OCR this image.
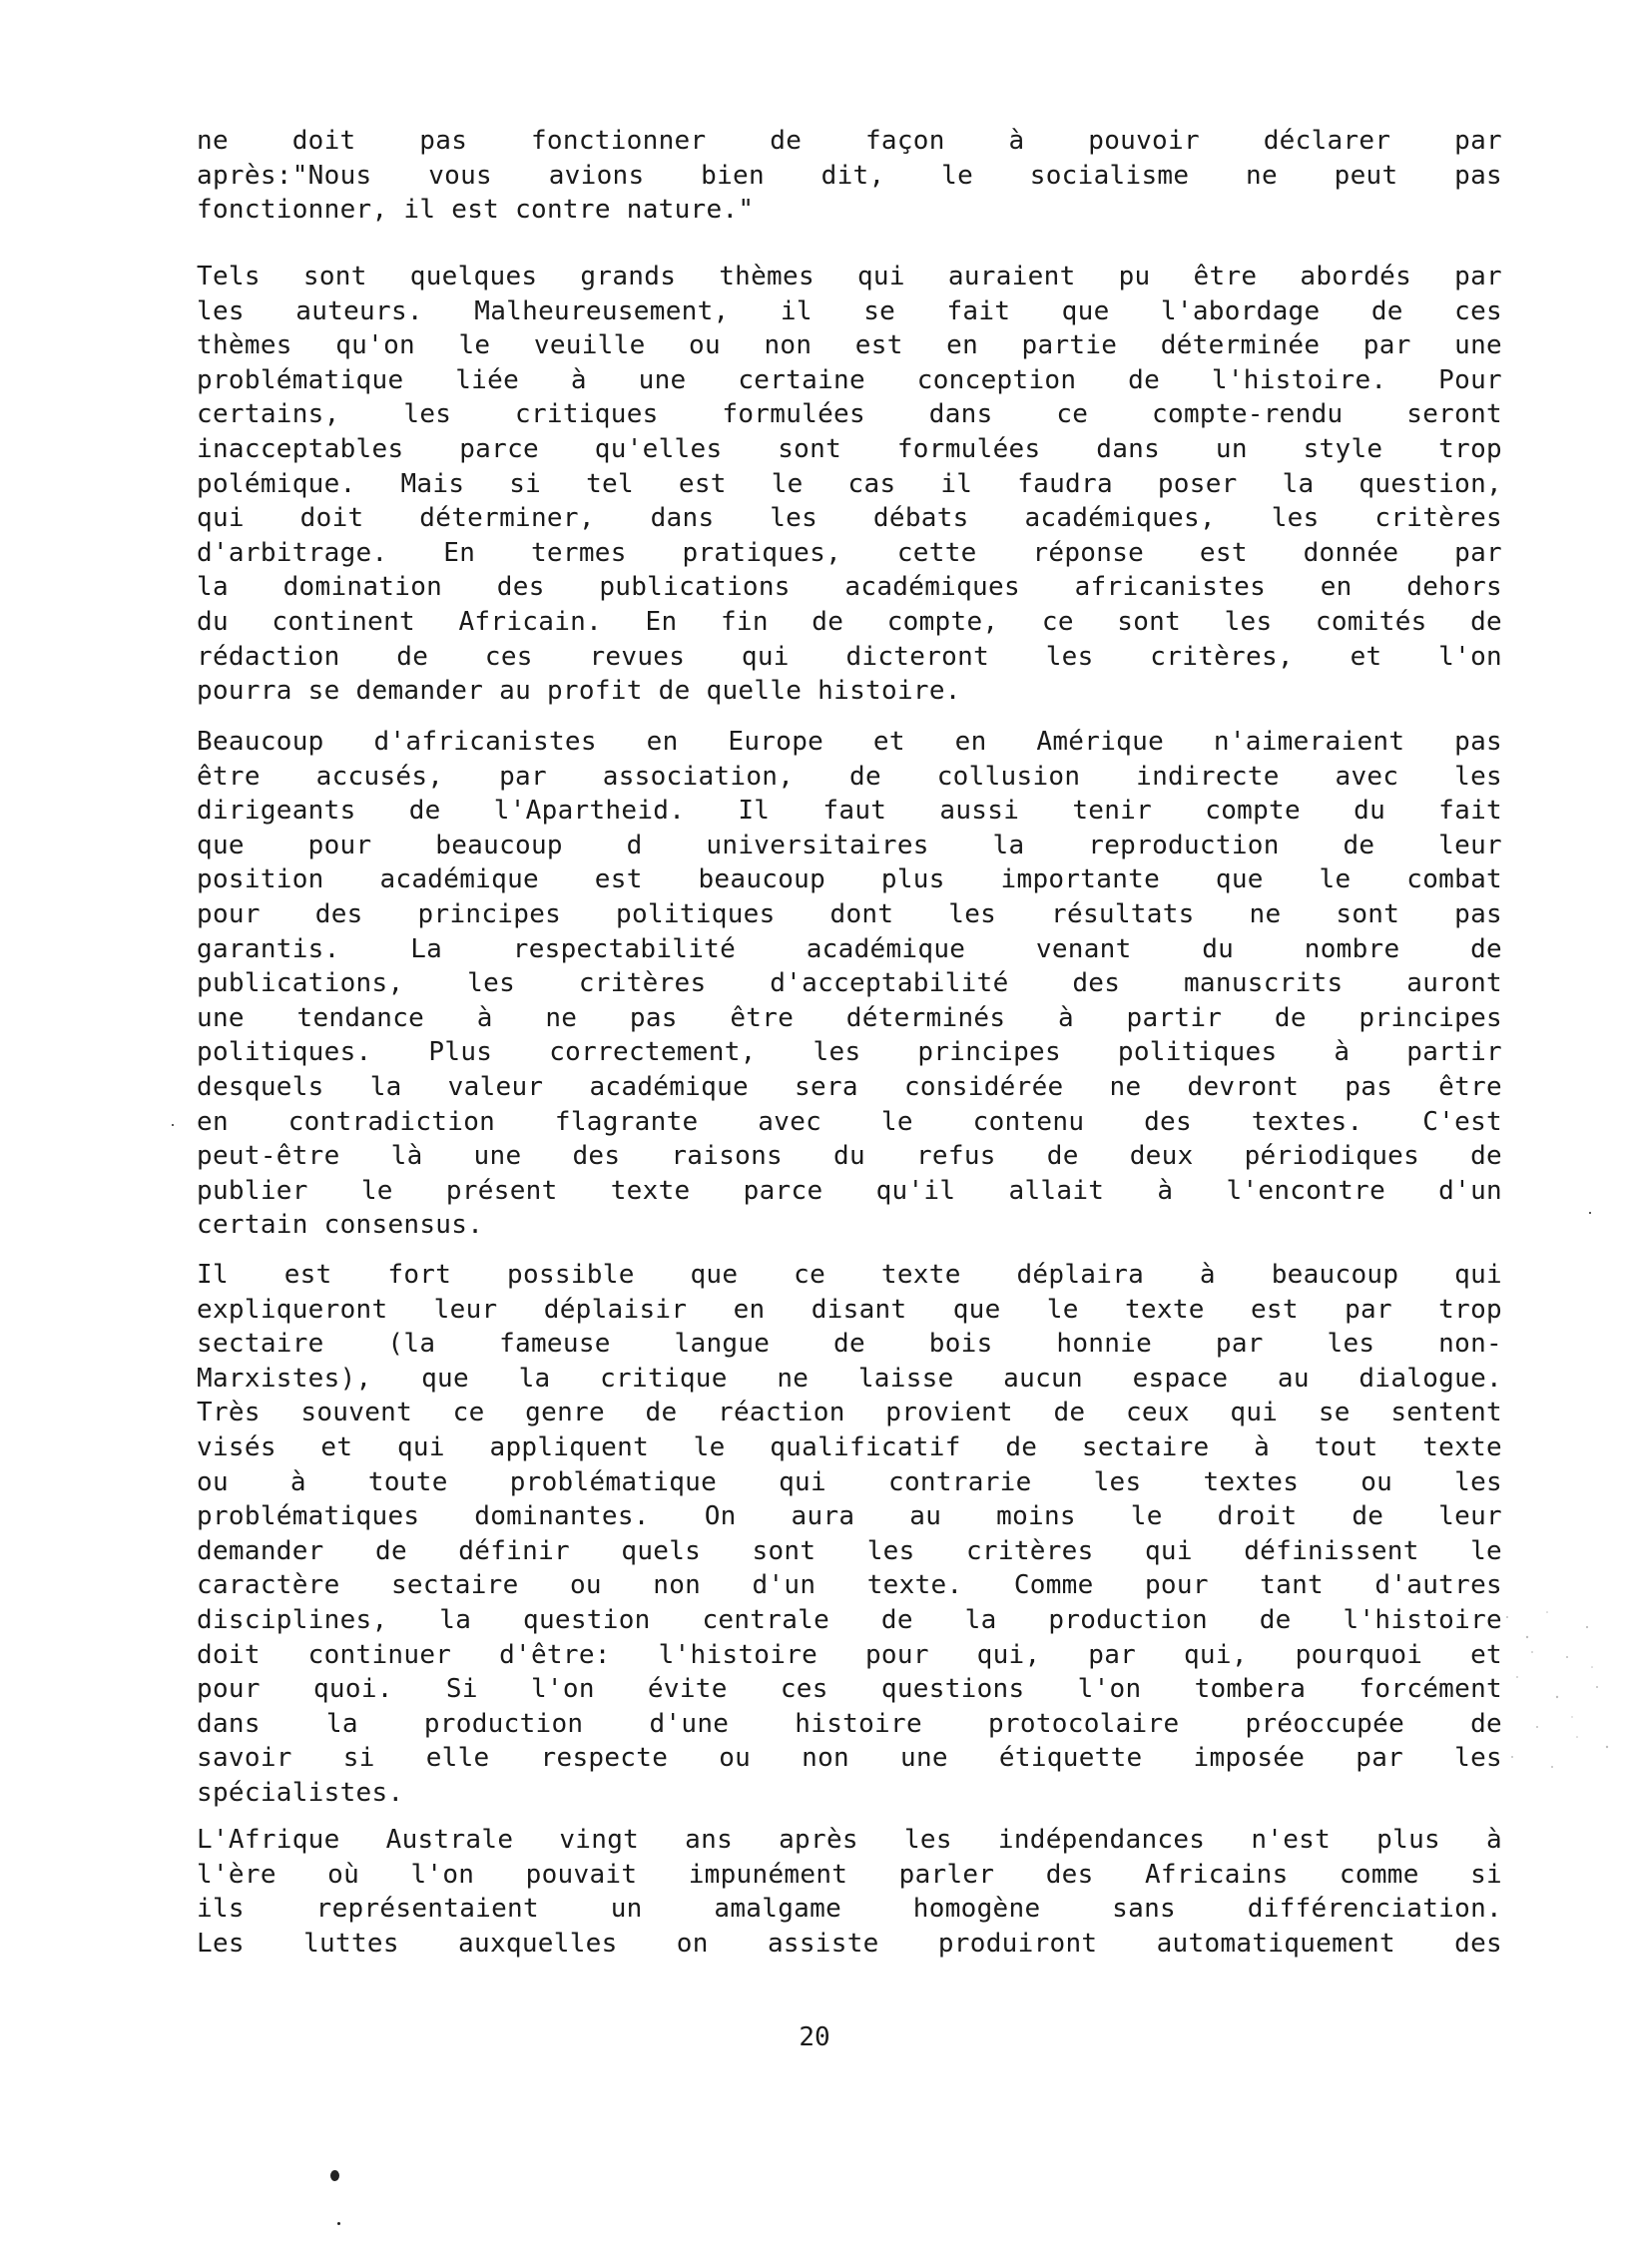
ne doit pas fonctionner de façon à pouvoir déclarer par
après:"Nous vous avions bien dit, le socialisme ne peut pas
fonctionner, il est contre nature."
Tels sont quelques grands thèmes qui auraient pu être abordés par
les auteurs. Malheureusement, il se fait que l'abordage de ces
thèmes qu'on le veuille ou non est en partie déterminée par une
problématique liée à une certaine conception de l'histoire. Pour
certains, les critiques formulées dans ce compte-rendu seront
inacceptables parce qu'elles sont formulées dans un style trop
polémique. Mais si tel est le cas il faudra poser la question,
qui doit déterminer, dans les débats académiques, les critères
d'arbitrage. En termes pratiques, cette réponse est donnée par
la domination des publications académiques africanistes en dehors
du continent Africain. En fin de compte, ce sont les comités de
rédaction de ces revues qui dicteront les critères, et l'on
pourra se demander au profit de quelle histoire.
Beaucoup d'africanistes en Europe et en Amérique n'aimeraient pas
être accusés, par association, de collusion indirecte avec les
dirigeants de l'Apartheid. Il faut aussi tenir compte du fait
que pour beaucoup d universitaires la reproduction de leur
position académique est beaucoup plus importante que le combat
pour des principes politiques dont les résultats ne sont pas
garantis. La respectabilité académique venant du nombre de
publications, les critères d'acceptabilité des manuscrits auront
une tendance à ne pas être déterminés à partir de principes
politiques. Plus correctement, les principes politiques à partir
desquels la valeur académique sera considérée ne devront pas être
en contradiction flagrante avec le contenu des textes. C'est
peut-être là une des raisons du refus de deux périodiques de
publier le présent texte parce qu'il allait à l'encontre d'un
certain consensus.
Il est fort possible que ce texte déplaira à beaucoup qui
expliqueront leur déplaisir en disant que le texte est par trop
sectaire (la fameuse langue de bois honnie par les non-
Marxistes), que la critique ne laisse aucun espace au dialogue.
Très souvent ce genre de réaction provient de ceux qui se sentent
visés et qui appliquent le qualificatif de sectaire à tout texte
ou à toute problématique qui contrarie les textes ou les
problématiques dominantes. On aura au moins le droit de leur
demander de définir quels sont les critères qui définissent le
caractère sectaire ou non d'un texte. Comme pour tant d'autres
disciplines, la question centrale de la production de l'histoire
doit continuer d'être: l'histoire pour qui, par qui, pourquoi et
pour quoi. Si l'on évite ces questions l'on tombera forcément
dans la production d'une histoire protocolaire préoccupée de
savoir si elle respecte ou non une étiquette imposée par les
spécialistes.
L'Afrique Australe vingt ans après les indépendances n'est plus à
l'ère où l'on pouvait impunément parler des Africains comme si
ils représentaient un amalgame homogène sans différenciation.
Les luttes auxquelles on assiste produiront automatiquement des
20
